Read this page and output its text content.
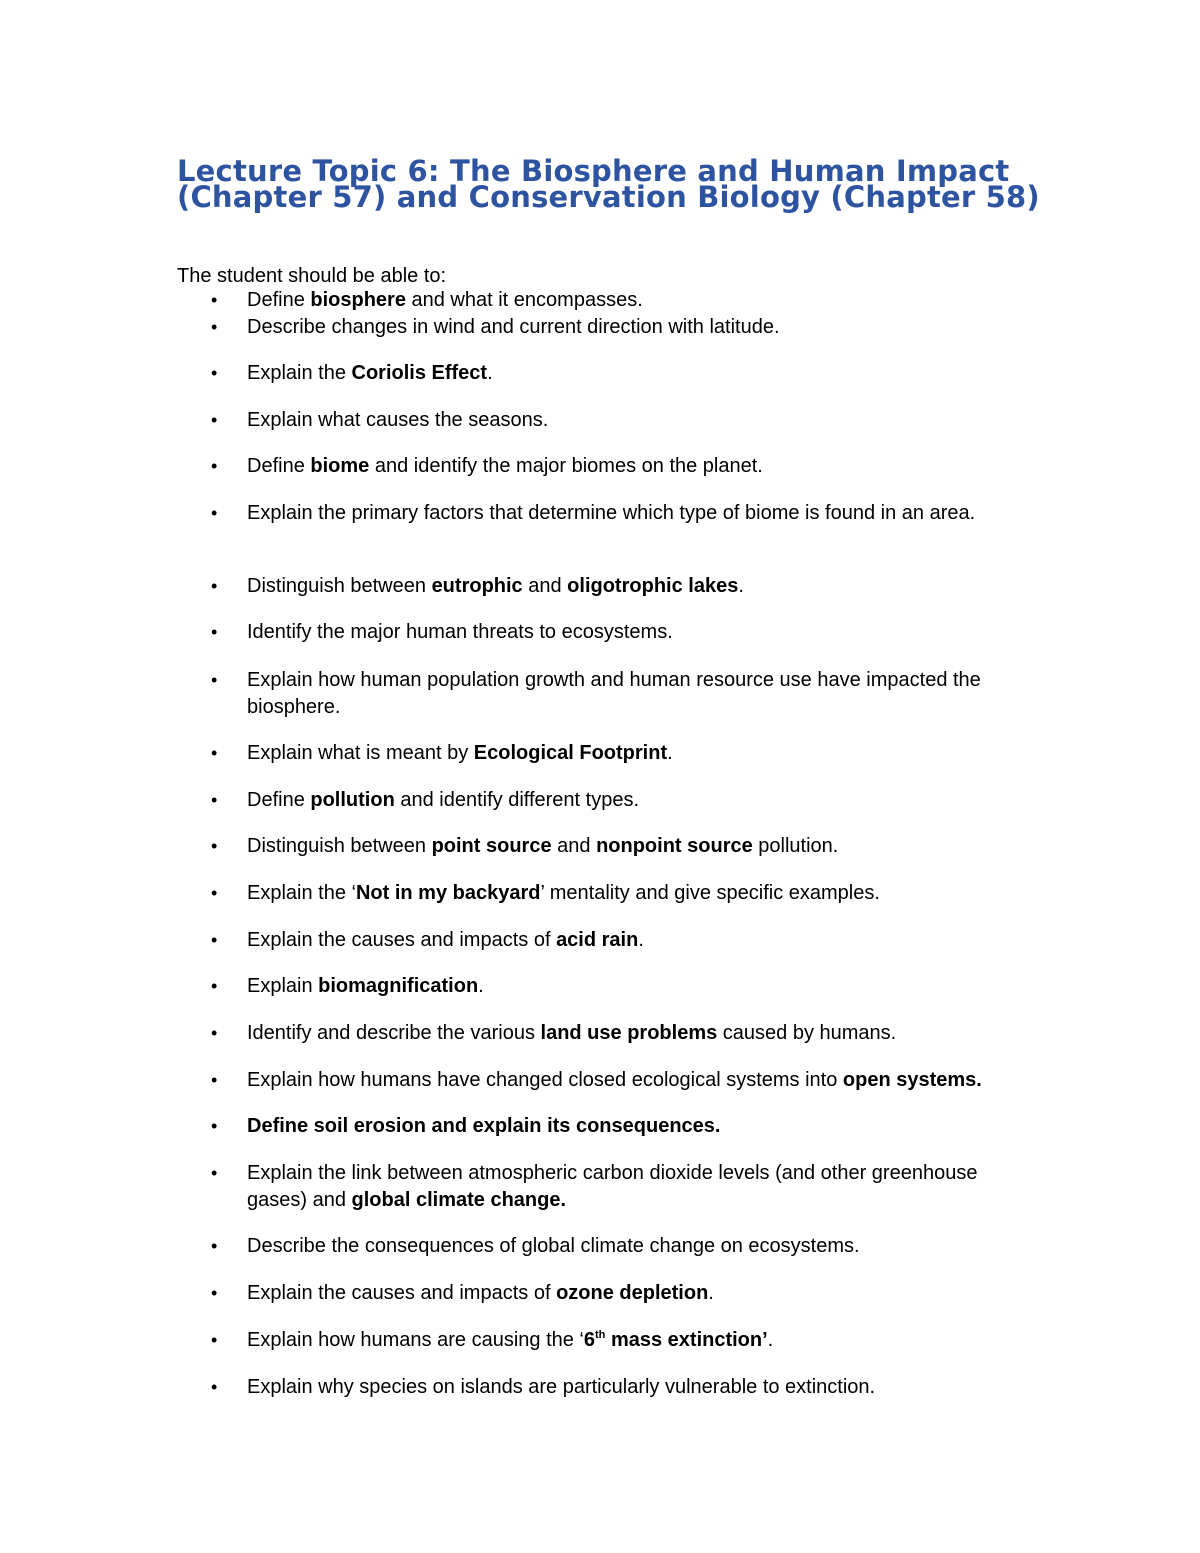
Lecture Topic 6: The Biosphere and Human Impact (Chapter 57) and Conservation Biology (Chapter 58)

The student should be able to:

• Define biosphere and what it encompasses.
• Describe changes in wind and current direction with latitude.
• Explain the Coriolis Effect.
• Explain what causes the seasons.
• Define biome and identify the major biomes on the planet.
• Explain the primary factors that determine which type of biome is found in an area.
• Distinguish between eutrophic and oligotrophic lakes.
• Identify the major human threats to ecosystems.
• Explain how human population growth and human resource use have impacted the biosphere.
• Explain what is meant by Ecological Footprint.
• Define pollution and identify different types.
• Distinguish between point source and nonpoint source pollution.
• Explain the ‘Not in my backyard’ mentality and give specific examples.
• Explain the causes and impacts of acid rain.
• Explain biomagnification.
• Identify and describe the various land use problems caused by humans.
• Explain how humans have changed closed ecological systems into open systems.
• Define soil erosion and explain its consequences.
• Explain the link between atmospheric carbon dioxide levels (and other greenhouse gases) and global climate change.
• Describe the consequences of global climate change on ecosystems.
• Explain the causes and impacts of ozone depletion.
• Explain how humans are causing the ‘6th mass extinction’.
• Explain why species on islands are particularly vulnerable to extinction.
